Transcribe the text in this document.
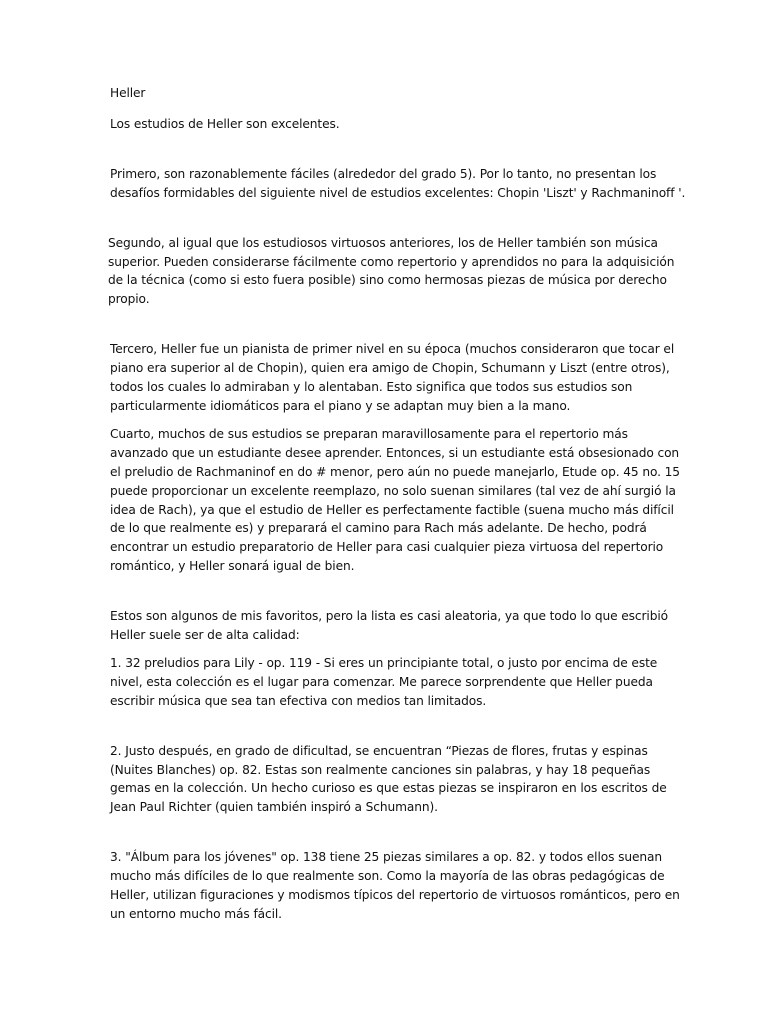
Heller

Los estudios de Heller son excelentes.

Primero, son razonablemente fáciles (alrededor del grado 5). Por lo tanto, no presentan los
desafíos formidables del siguiente nivel de estudios excelentes: Chopin 'Liszt' y Rachmaninoff '.

Segundo, al igual que los estudiosos virtuosos anteriores, los de Heller también son música
superior. Pueden considerarse fácilmente como repertorio y aprendidos no para la adquisición
de la técnica (como si esto fuera posible) sino como hermosas piezas de música por derecho
propio.

Tercero, Heller fue un pianista de primer nivel en su época (muchos consideraron que tocar el
piano era superior al de Chopin), quien era amigo de Chopin, Schumann y Liszt (entre otros),
todos los cuales lo admiraban y lo alentaban. Esto significa que todos sus estudios son
particularmente idiomáticos para el piano y se adaptan muy bien a la mano.

Cuarto, muchos de sus estudios se preparan maravillosamente para el repertorio más
avanzado que un estudiante desee aprender. Entonces, si un estudiante está obsesionado con
el preludio de Rachmaninof en do # menor, pero aún no puede manejarlo, Etude op. 45 no. 15
puede proporcionar un excelente reemplazo, no solo suenan similares (tal vez de ahí surgió la
idea de Rach), ya que el estudio de Heller es perfectamente factible (suena mucho más difícil
de lo que realmente es) y preparará el camino para Rach más adelante. De hecho, podrá
encontrar un estudio preparatorio de Heller para casi cualquier pieza virtuosa del repertorio
romántico, y Heller sonará igual de bien.

Estos son algunos de mis favoritos, pero la lista es casi aleatoria, ya que todo lo que escribió
Heller suele ser de alta calidad:

1. 32 preludios para Lily - op. 119 - Si eres un principiante total, o justo por encima de este
nivel, esta colección es el lugar para comenzar. Me parece sorprendente que Heller pueda
escribir música que sea tan efectiva con medios tan limitados.

2. Justo después, en grado de dificultad, se encuentran “Piezas de flores, frutas y espinas
(Nuites Blanches) op. 82. Estas son realmente canciones sin palabras, y hay 18 pequeñas
gemas en la colección. Un hecho curioso es que estas piezas se inspiraron en los escritos de
Jean Paul Richter (quien también inspiró a Schumann).

3. "Álbum para los jóvenes" op. 138 tiene 25 piezas similares a op. 82. y todos ellos suenan
mucho más difíciles de lo que realmente son. Como la mayoría de las obras pedagógicas de
Heller, utilizan figuraciones y modismos típicos del repertorio de virtuosos románticos, pero en
un entorno mucho más fácil.
